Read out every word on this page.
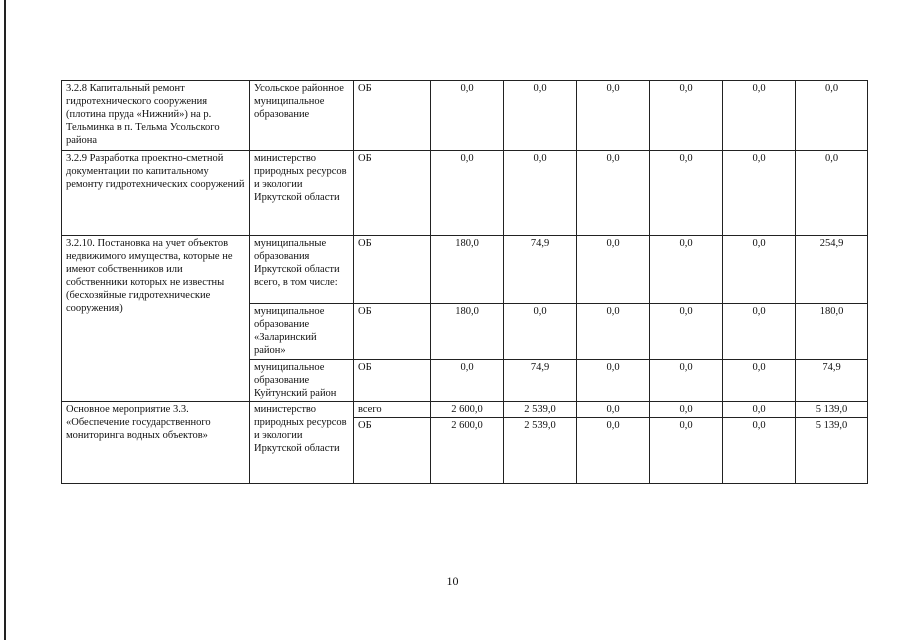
3.2.8 Капитальный ремонт гидротехнического сооружения (плотина пруда «Нижний») на р. Тельминка в п. Тельма Усольского района	Усольское районное муниципальное образование	ОБ	0,0	0,0	0,0	0,0	0,0	0,0
3.2.9 Разработка проектно-сметной документации по капитальному ремонту гидротехнических сооружений	министерство природных ресурсов и экологии Иркутской области	ОБ	0,0	0,0	0,0	0,0	0,0	0,0
3.2.10. Постановка на учет объектов недвижимого имущества, которые не имеют собственников или собственники которых не известны (бесхозяйные гидротехнические сооружения)	муниципальные образования Иркутской области всего, в том числе:	ОБ	180,0	74,9	0,0	0,0	0,0	254,9
	муниципальное образование «Заларинский район»	ОБ	180,0	0,0	0,0	0,0	0,0	180,0
	муниципальное образование Куйтунский район	ОБ	0,0	74,9	0,0	0,0	0,0	74,9
Основное мероприятие 3.3. «Обеспечение государственного мониторинга водных объектов»	министерство природных ресурсов и экологии Иркутской области	всего	2 600,0	2 539,0	0,0	0,0	0,0	5 139,0
		ОБ	2 600,0	2 539,0	0,0	0,0	0,0	5 139,0
10
